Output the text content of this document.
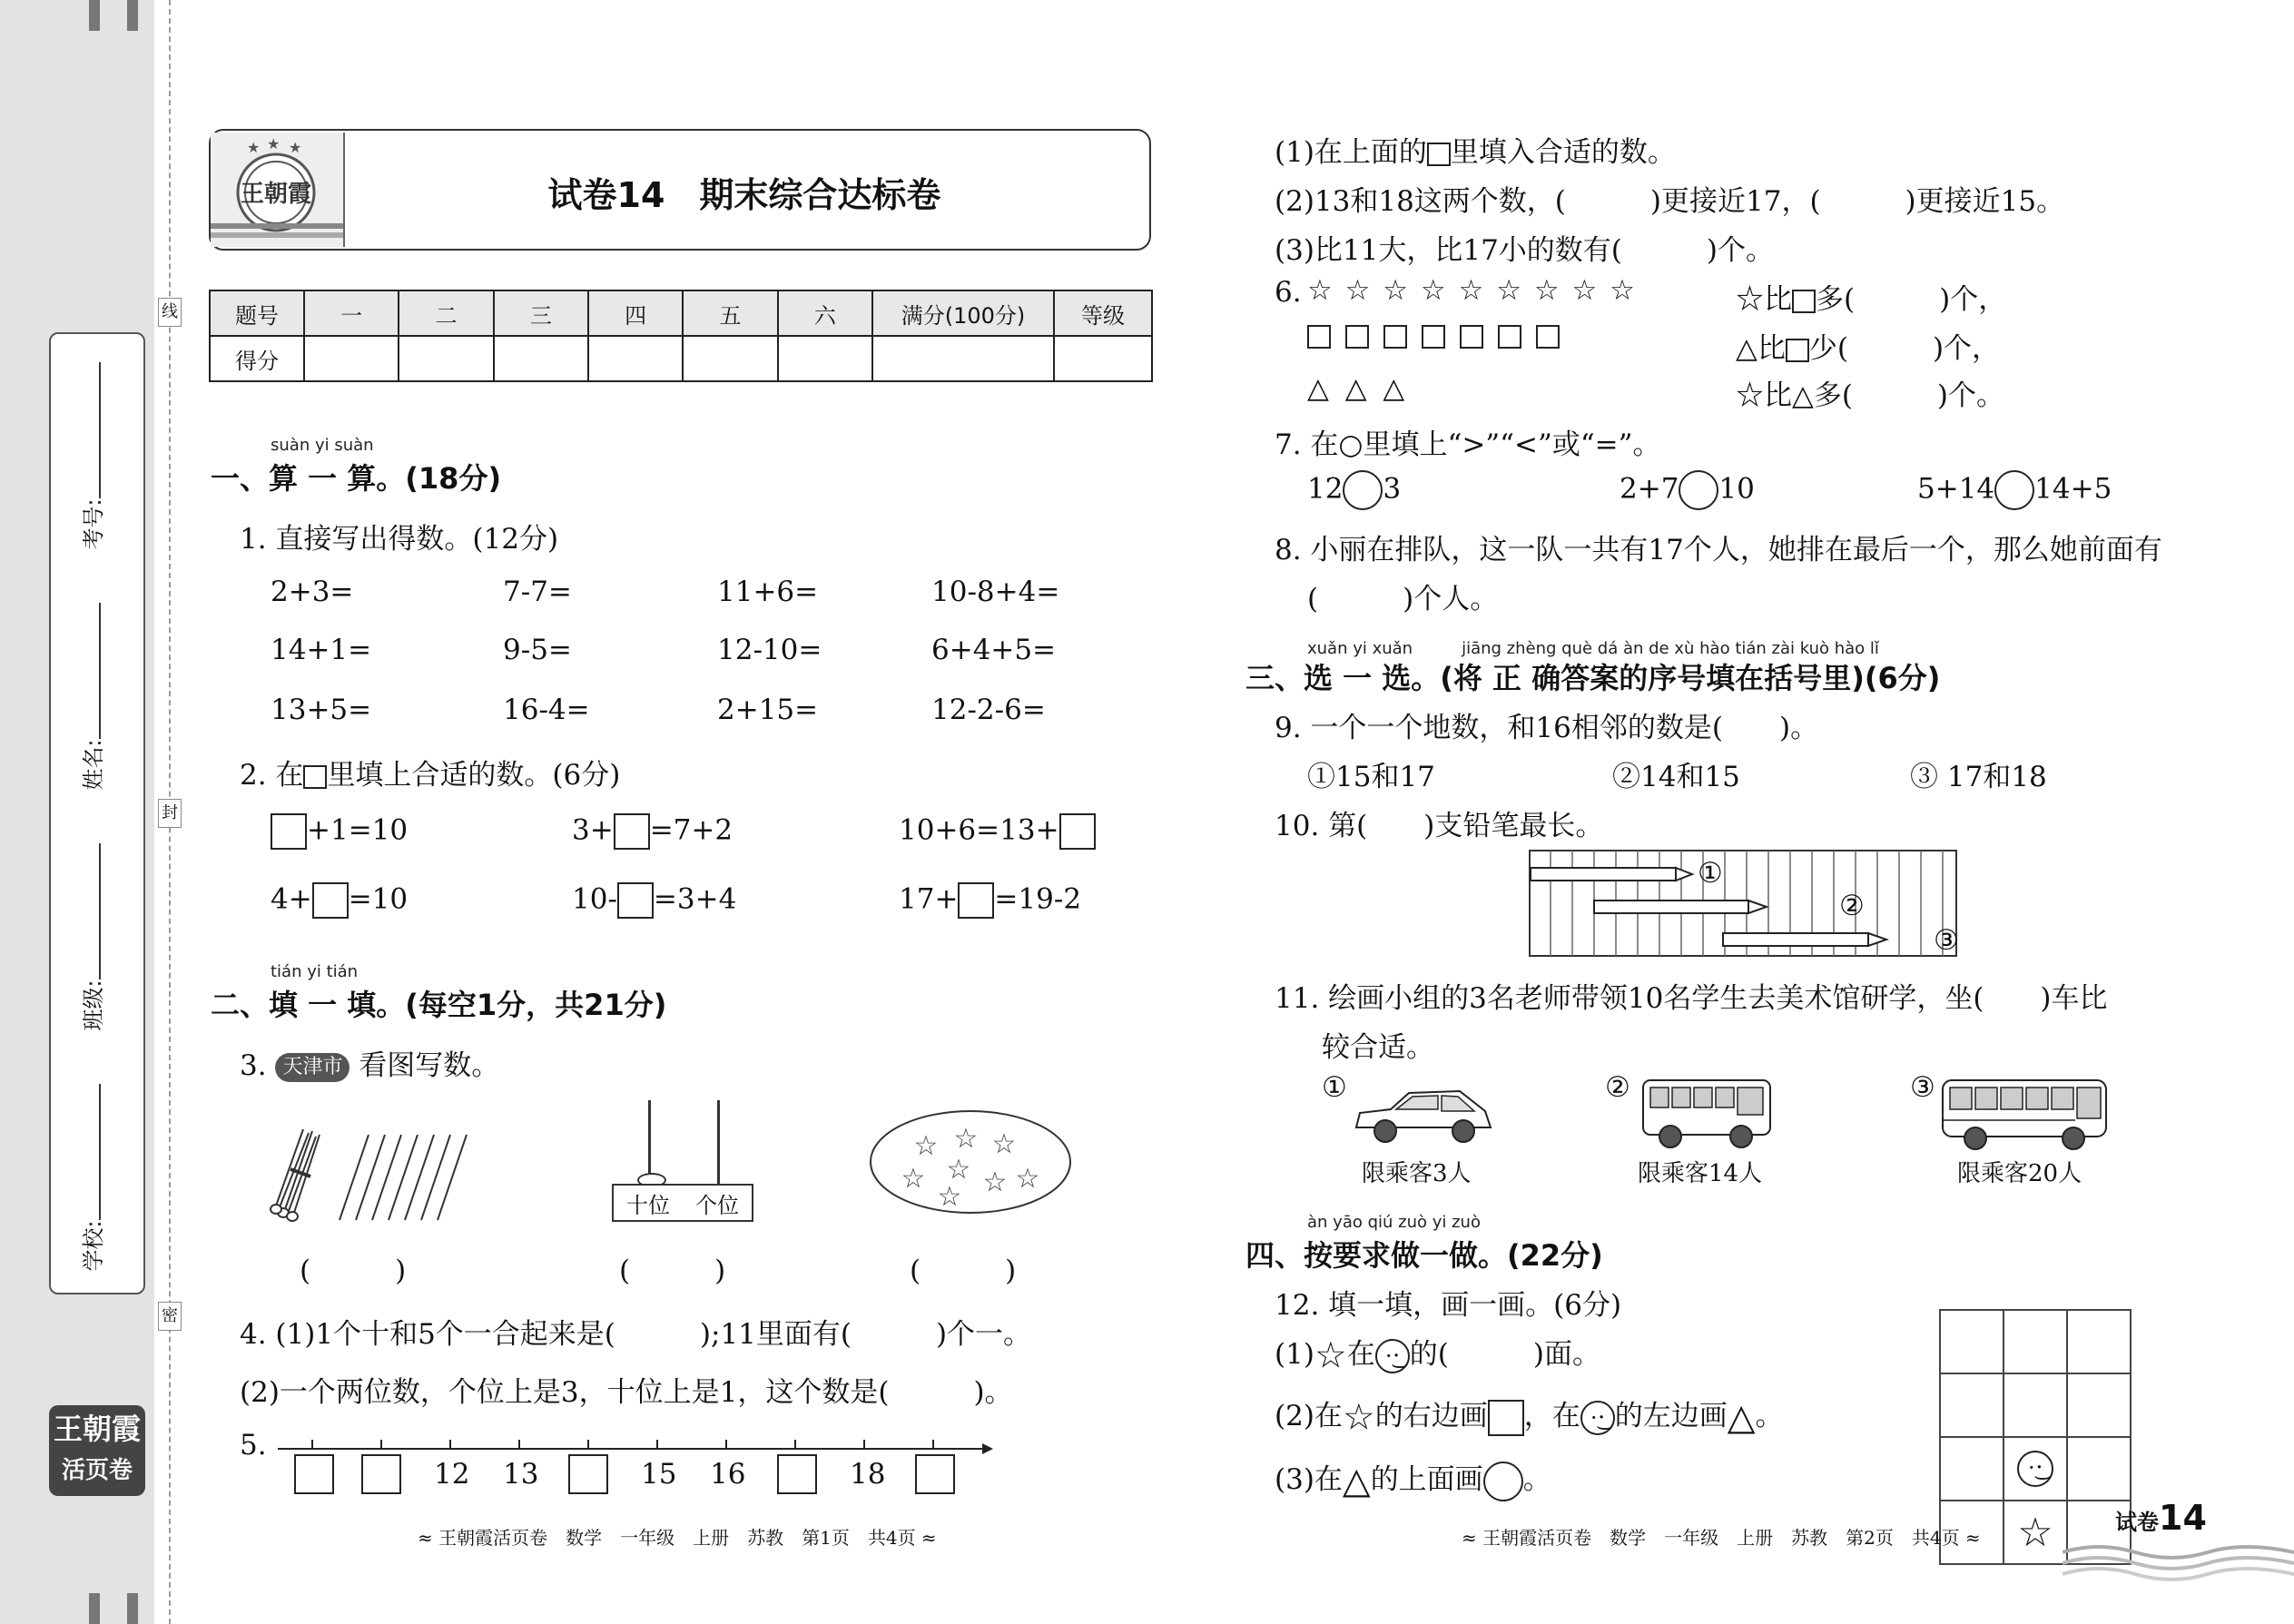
线
封
密
学校:
班级:
姓名:
考号:
王朝霞
活页卷
王朝霞
★ ★ ★
试卷14　期末综合达标卷
题号	一	二	三	四	五	六	满分(100分)	等级
得分								
suàn yi suàn
一、算 一 算。(18分)
1. 直接写出得数。(12分)
2+3=	7-7=	11+6=	10-8+4=
14+1=	9-5=	12-10=	6+4+5=
13+5=	16-4=	2+15=	12-2-6=
2. 在 里填上合适的数。(6分)
+1=10	3+ =7+2	10+6=13+
4+ =10	10- =3+4	17+ =19-2
tián yi tián
二、填 一 填。(每空1分，共21分)
3. 天津市 看图写数。
十位 个位
☆ ☆ ☆
☆
☆ ☆ ☆
☆
(　　　)	(　　　)	(　　　)
4. (1)1个十和5个一合起来是(　　　);11里面有(　　　)个一。
(2)一个两位数，个位上是3，十位上是1，这个数是(　　　)。
5.
12 13	15 16	18
≈ 王朝霞活页卷　数学　一年级　上册　苏教　第1页　共4页 ≈
(1)在上面的 里填入合适的数。
(2)13和18这两个数，(　　　)更接近17，(　　　)更接近15。
(3)比11大，比17小的数有(　　　)个。
6. ☆ ☆ ☆ ☆ ☆ ☆ ☆ ☆ ☆
△ △ △
☆比 多(　　　)个，
△比 少(　　　)个，
☆比△多(　　　)个。
7. 在○里填上“>”“<”或“=”。
12 3	2+7 10	5+14 14+5
8. 小丽在排队，这一队一共有17个人，她排在最后一个，那么她前面有
(　　　)个人。
xuǎn yi xuǎn　　　jiāng zhèng què dá àn de xù hào tián zài kuò hào lǐ
三、选 一 选。(将 正 确答案的序号填在括号里)(6分)
9. 一个一个地数，和16相邻的数是(　　)。
①15和17	②14和15	③ 17和18
10. 第(　　)支铅笔最长。
①
②
③
11. 绘画小组的3名老师带领10名学生去美术馆研学，坐(　　)车比
较合适。
①
限乘客3人
②
限乘客14人
③
限乘客20人
àn yāo qiú zuò yi zuò
四、按要求做一做。(22分)
12. 填一填，画一画。(6分)
(1)☆在 ·͜· 的(　　　)面。
(2)在☆的右边画 ，在 ·͜· 的左边画△。
(3)在△的上面画 。

		·͜·	
	☆	
≈ 王朝霞活页卷　数学　一年级　上册　苏教　第2页　共4页 ≈
试卷14
